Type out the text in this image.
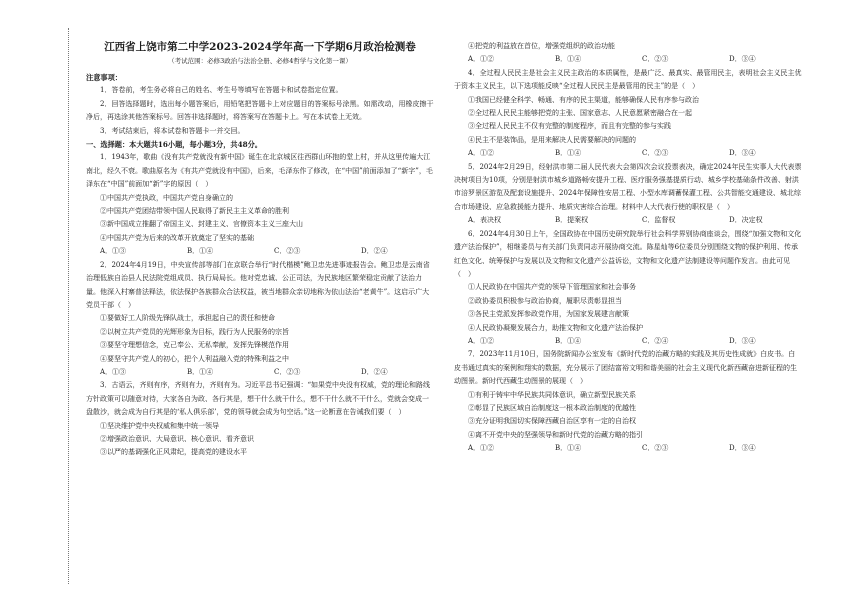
江西省上饶市第二中学2023-2024学年高一下学期6月政治检测卷
（考试范围：必修3政治与法治全册、必修4哲学与文化第一课）

注意事项：

1．答卷前，考生务必将自己的姓名、考生号等填写在答题卡和试卷指定位置。

2．回答选择题时，选出每小题答案后，用铅笔把答题卡上对应题目的答案标号涂黑。如需改动，用橡皮擦干净后，再选涂其他答案标号。回答非选择题时，将答案写在答题卡上。写在本试卷上无效。

3．考试结束后，将本试卷和答题卡一并交回。

一、选择题：本大题共16小题，每小题3分，共48分。

1．1943年，歌曲《没有共产党就没有新中国》诞生在北京城区往西群山环抱的堂上村，并从这里传遍大江南北，经久不衰。歌曲原名为《有共产党就没有中国》，后来，毛泽东作了修改，在“中国”前面添加了“新字”，毛泽东在“中国”前面加“新”字的原因（　）

①中国共产党执政，中国共产党自身确立的

②中国共产党团结带领中国人民取得了新民主主义革命的胜利

③新中国成立推翻了帝国主义、封建主义、官僚资本主义三座大山

④中国共产党为后来的改革开放奠定了坚实的基础

A．①③	B．①④	C．②③	D．②④

2．2024年4月19日，中央宣传部等部门在京联合举行“时代楷模”鲍卫忠先进事迹报告会。鲍卫忠是云南省治理低族自治县人民法院党组成员、执行局局长。他对党忠诚、公正司法，为民族地区繁荣稳定贡献了法治力量。他深入村寨普法释法，依法保护各族群众合法权益，被当地群众亲切地称为依山法治“老黄牛”。这启示广大党员干部（　）

①要做好工人阶级先锋队战士，承担起自己的责任和使命

②以树立共产党员的光辉形象为目标，践行为人民服务的宗旨

③要坚守理想信念，克己奉公、无私奉献，发挥先锋模范作用

④要坚守共产党人的初心，把个人利益融入党的特殊利益之中

A．①③	B．①④	C．②③	D．②④

3．古语云，齐则有序，齐则有力，齐则有为。习近平总书记强调：“如果党中央没有权威，党的理论和路线方针政策可以随意对待，大家各自为政、各行其是，想干什么就干什么，想不干什么就不干什么，党就会变成一盘散沙，就会成为自行其是的‘私人俱乐部’，党的领导就会成为句空话。”这一论断意在告诫我们要（　）

①坚决维护党中央权威和集中统一领导

②增强政治意识、大局意识、核心意识、看齐意识

③以严的基调强化正风肃纪，提高党的建设水平

④把党的利益放在首位，增强党组织的政治功能

A．①②	B．①④	C．②③	D．③④

4．全过程人民民主是社会主义民主政治的本质属性，是最广泛、最真实、最管用民主，表明社会主义民主优于资本主义民主，以下选项能反映“全过程人民民主是最管用的民主”的是（　）

①我国已经健全科学、畅通、有序的民主渠道，能够确保人民有序参与政治

②全过程人民民主能够把党的主张、国家意志、人民意愿紧密融合在一起

③全过程人民民主不仅有完整的制度程序，而且有完整的参与实践

④民主不是装饰品，是用来解决人民需要解决的问题的

A．①②	B．①④	C．②③	D．③④

5．2024年2月29日，经射洪市第二届人民代表大会第四次会议投票表决，确定2024年民生实事人大代表票决树项目为10项，分别是射洪市城乡道路畅安提升工程、医疗服务强基提质行动、城乡学校基础条件改善、射洪市涪罗景区游览及配套设施提升、2024年保障性安居工程、小型水库调蓄保灌工程、公共智能交通建设、城北综合市场建设、应急救援能力提升、地质灾害综合治理。材料中人大代表行使的职权是（　）

A．表决权	B．提案权	C．监督权	D．决定权

6．2024年4月30日上午，全国政协在中国历史研究院举行社会科学界别协商座谈会，围绕“加强文物和文化遗产法治保护”，相继委员与有关部门负责同志开展协商交流。陈星灿等6位委员分别围绕文物的保护利用、传承红色文化、统筹保护与发展以及文物和文化遗产公益诉讼，文物和文化遗产法制建设等问题作发言。由此可见（　）

①人民政协在中国共产党的领导下管理国家和社会事务

②政协委员积极参与政治协商，履职尽责彰显担当

③各民主党派发挥参政党作用，为国家发展建言献策

④人民政协凝聚发展合力，助推文物和文化遗产法治保护

A．①②	B．①④	C．②④	D．③④

7．2023年11月10日，国务院新闻办公室发布《新时代党的治藏方略的实践及其历史性成就》白皮书。白皮书通过真实的案例和翔实的数据，充分展示了团结富裕文明和谐美丽的社会主义现代化新西藏奋进新征程的生动图景。新时代西藏生动图景的展现（　）

①有利于铸牢中华民族共同体意识，确立新型民族关系

②彰显了民族区域自治制度这一根本政治制度的优越性

③充分证明我国切实保障西藏自治区享有一定的自治权

④离不开党中央的坚强领导和新时代党的治藏方略的指引

A．①②	B．①④	C．②③	D．③④
